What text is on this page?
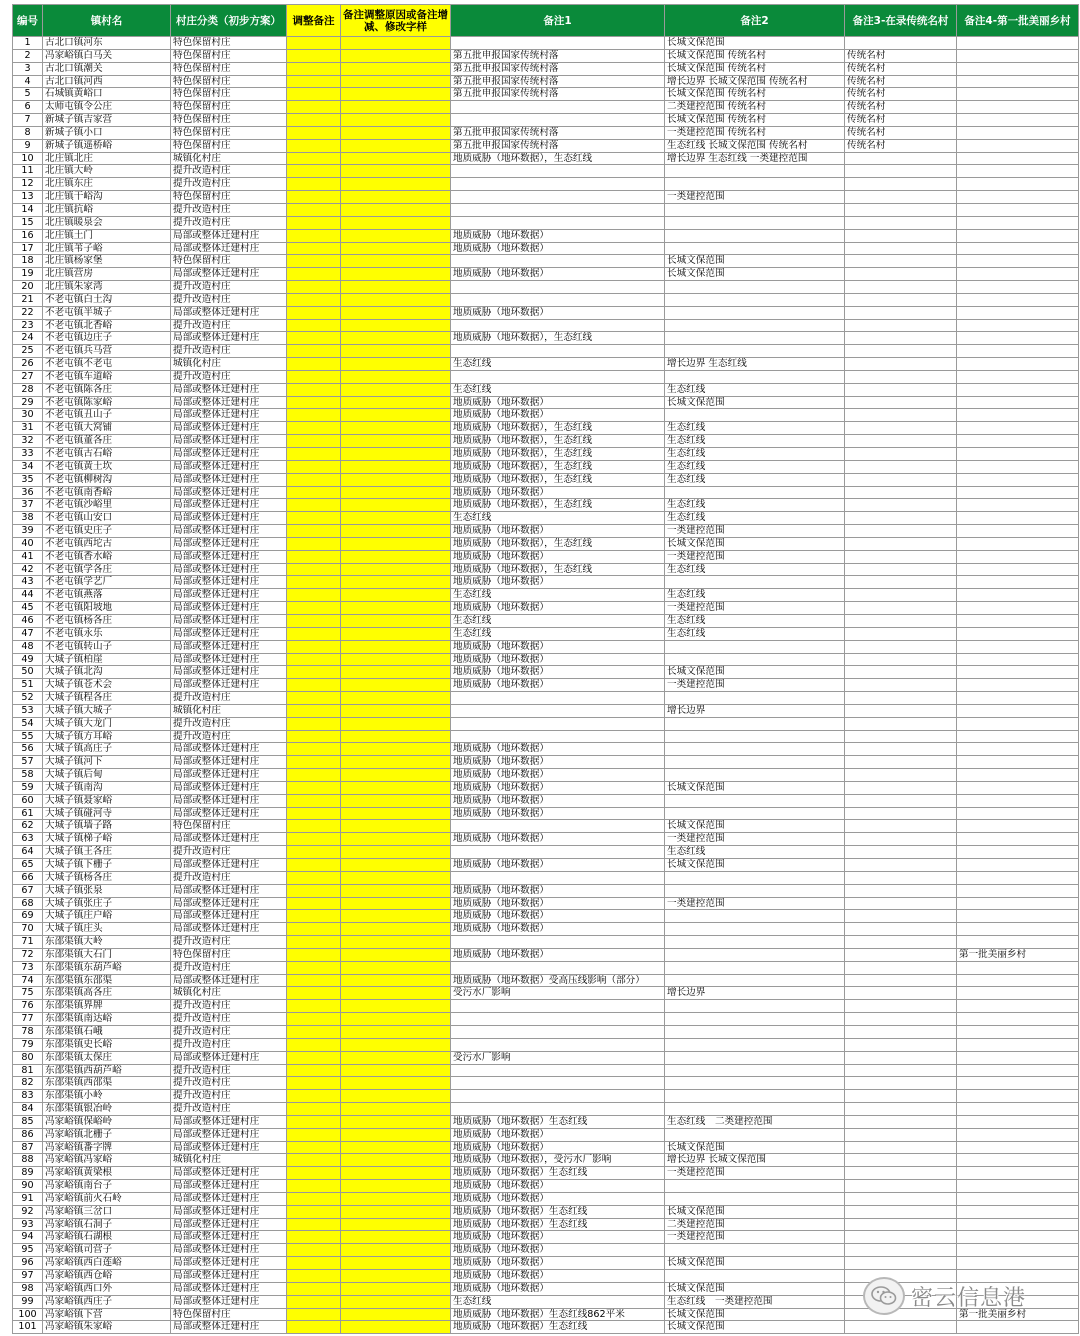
编号	镇村名	村庄分类（初步方案）	调整备注	备注调整原因或备注增减、修改字样	备注1	备注2	备注3-在录传统名村	备注4-第一批美丽乡村
1	古北口镇河东	特色保留村庄				长城文保范围		
2	冯家峪镇白马关	特色保留村庄			第五批申报国家传统村落	长城文保范围 传统名村	传统名村	
3	古北口镇潮关	特色保留村庄			第五批申报国家传统村落	长城文保范围 传统名村	传统名村	
4	古北口镇河西	特色保留村庄			第五批申报国家传统村落	增长边界 长城文保范围 传统名村	传统名村	
5	石城镇黄峪口	特色保留村庄			第五批申报国家传统村落	长城文保范围 传统名村	传统名村	
6	太师屯镇令公庄	特色保留村庄				二类建控范围 传统名村	传统名村	
7	新城子镇吉家营	特色保留村庄				长城文保范围 传统名村	传统名村	
8	新城子镇小口	特色保留村庄			第五批申报国家传统村落	一类建控范围 传统名村	传统名村	
9	新城子镇遥桥峪	特色保留村庄			第五批申报国家传统村落	生态红线 长城文保范围 传统名村	传统名村	
10	北庄镇北庄	城镇化村庄			地质威胁（地环数据），生态红线	增长边界 生态红线 一类建控范围		
11	北庄镇大岭	提升改造村庄						
12	北庄镇东庄	提升改造村庄						
13	北庄镇干峪沟	特色保留村庄				一类建控范围		
14	北庄镇抗峪	提升改造村庄						
15	北庄镇暖泉会	提升改造村庄						
16	北庄镇土门	局部或整体迁建村庄			地质威胁（地环数据）			
17	北庄镇苇子峪	局部或整体迁建村庄			地质威胁（地环数据）			
18	北庄镇杨家堡	特色保留村庄				长城文保范围		
19	北庄镇营房	局部或整体迁建村庄			地质威胁（地环数据）	长城文保范围		
20	北庄镇朱家湾	提升改造村庄						
21	不老屯镇白土沟	提升改造村庄						
22	不老屯镇半城子	局部或整体迁建村庄			地质威胁（地环数据）			
23	不老屯镇北香峪	提升改造村庄						
24	不老屯镇边庄子	局部或整体迁建村庄			地质威胁（地环数据），生态红线			
25	不老屯镇兵马营	提升改造村庄						
26	不老屯镇不老屯	城镇化村庄			生态红线	增长边界 生态红线		
27	不老屯镇车道峪	提升改造村庄						
28	不老屯镇陈各庄	局部或整体迁建村庄			生态红线	生态红线		
29	不老屯镇陈家峪	局部或整体迁建村庄			地质威胁（地环数据）	长城文保范围		
30	不老屯镇丑山子	局部或整体迁建村庄			地质威胁（地环数据）			
31	不老屯镇大窝铺	局部或整体迁建村庄			地质威胁（地环数据），生态红线	生态红线		
32	不老屯镇董各庄	局部或整体迁建村庄			地质威胁（地环数据），生态红线	生态红线		
33	不老屯镇古石峪	局部或整体迁建村庄			地质威胁（地环数据），生态红线	生态红线		
34	不老屯镇黄土坎	局部或整体迁建村庄			地质威胁（地环数据），生态红线	生态红线		
35	不老屯镇柳树沟	局部或整体迁建村庄			地质威胁（地环数据），生态红线	生态红线		
36	不老屯镇南香峪	局部或整体迁建村庄			地质威胁（地环数据）			
37	不老屯镇沙峪里	局部或整体迁建村庄			地质威胁（地环数据），生态红线	生态红线		
38	不老屯镇山安口	局部或整体迁建村庄			生态红线	生态红线		
39	不老屯镇史庄子	局部或整体迁建村庄			地质威胁（地环数据）	一类建控范围		
40	不老屯镇西坨古	局部或整体迁建村庄			地质威胁（地环数据），生态红线	长城文保范围		
41	不老屯镇香水峪	局部或整体迁建村庄			地质威胁（地环数据）	一类建控范围		
42	不老屯镇学各庄	局部或整体迁建村庄			地质威胁（地环数据），生态红线	生态红线		
43	不老屯镇学艺厂	局部或整体迁建村庄			地质威胁（地环数据）			
44	不老屯镇燕落	局部或整体迁建村庄			生态红线	生态红线		
45	不老屯镇阳坡地	局部或整体迁建村庄			地质威胁（地环数据）	一类建控范围		
46	不老屯镇杨各庄	局部或整体迁建村庄			生态红线	生态红线		
47	不老屯镇永乐	局部或整体迁建村庄			生态红线	生态红线		
48	不老屯镇转山子	局部或整体迁建村庄			地质威胁（地环数据）			
49	大城子镇柏崖	局部或整体迁建村庄			地质威胁（地环数据）			
50	大城子镇北沟	局部或整体迁建村庄			地质威胁（地环数据）	长城文保范围		
51	大城子镇苍术会	局部或整体迁建村庄			地质威胁（地环数据）	一类建控范围		
52	大城子镇程各庄	提升改造村庄						
53	大城子镇大城子	城镇化村庄				增长边界		
54	大城子镇大龙门	提升改造村庄						
55	大城子镇方耳峪	提升改造村庄						
56	大城子镇高庄子	局部或整体迁建村庄			地质威胁（地环数据）			
57	大城子镇河下	局部或整体迁建村庄			地质威胁（地环数据）			
58	大城子镇后甸	局部或整体迁建村庄			地质威胁（地环数据）			
59	大城子镇南沟	局部或整体迁建村庄			地质威胁（地环数据）	长城文保范围		
60	大城子镇聂家峪	局部或整体迁建村庄			地质威胁（地环数据）			
61	大城子镇碰河寺	局部或整体迁建村庄			地质威胁（地环数据）			
62	大城子镇墙子路	特色保留村庄				长城文保范围		
63	大城子镇梯子峪	局部或整体迁建村庄			地质威胁（地环数据）	一类建控范围		
64	大城子镇王各庄	提升改造村庄				生态红线		
65	大城子镇下栅子	局部或整体迁建村庄			地质威胁（地环数据）	长城文保范围		
66	大城子镇杨各庄	提升改造村庄						
67	大城子镇张泉	局部或整体迁建村庄			地质威胁（地环数据）			
68	大城子镇张庄子	局部或整体迁建村庄			地质威胁（地环数据）	一类建控范围		
69	大城子镇庄户峪	局部或整体迁建村庄			地质威胁（地环数据）			
70	大城子镇庄头	局部或整体迁建村庄			地质威胁（地环数据）			
71	东邵渠镇大岭	提升改造村庄						
72	东邵渠镇大石门	特色保留村庄			地质威胁（地环数据）			第一批美丽乡村
73	东邵渠镇东葫芦峪	提升改造村庄						
74	东邵渠镇东邵渠	局部或整体迁建村庄			地质威胁（地环数据）受高压线影响（部分）			
75	东邵渠镇高各庄	城镇化村庄			受污水厂影响	增长边界		
76	东邵渠镇界牌	提升改造村庄						
77	东邵渠镇南达峪	提升改造村庄						
78	东邵渠镇石峨	提升改造村庄						
79	东邵渠镇史长峪	提升改造村庄						
80	东邵渠镇太保庄	局部或整体迁建村庄			受污水厂影响			
81	东邵渠镇西葫芦峪	提升改造村庄						
82	东邵渠镇西邵渠	提升改造村庄						
83	东邵渠镇小岭	提升改造村庄						
84	东邵渠镇银冶岭	提升改造村庄						
85	冯家峪镇保峪岭	局部或整体迁建村庄			地质威胁（地环数据）生态红线	生态红线　二类建控范围		
86	冯家峪镇北栅子	局部或整体迁建村庄			地质威胁（地环数据）			
87	冯家峪镇番字牌	局部或整体迁建村庄			地质威胁（地环数据）	长城文保范围		
88	冯家峪镇冯家峪	城镇化村庄			地质威胁（地环数据），受污水厂影响	增长边界 长城文保范围		
89	冯家峪镇黄梁根	局部或整体迁建村庄			地质威胁（地环数据）生态红线	一类建控范围		
90	冯家峪镇南台子	局部或整体迁建村庄			地质威胁（地环数据）			
91	冯家峪镇前火石岭	局部或整体迁建村庄			地质威胁（地环数据）			
92	冯家峪镇三岔口	局部或整体迁建村庄			地质威胁（地环数据）生态红线	长城文保范围		
93	冯家峪镇石洞子	局部或整体迁建村庄			地质威胁（地环数据）生态红线	二类建控范围		
94	冯家峪镇石湖根	局部或整体迁建村庄			地质威胁（地环数据）	一类建控范围		
95	冯家峪镇司营子	局部或整体迁建村庄			地质威胁（地环数据）			
96	冯家峪镇西白莲峪	局部或整体迁建村庄			地质威胁（地环数据）	长城文保范围		
97	冯家峪镇西仓峪	局部或整体迁建村庄			地质威胁（地环数据）			
98	冯家峪镇西口外	局部或整体迁建村庄			地质威胁（地环数据）	长城文保范围		
99	冯家峪镇西庄子	局部或整体迁建村庄			生态红线	生态红线　一类建控范围		
100	冯家峪镇下营	特色保留村庄			地质威胁（地环数据）生态红线862平米	长城文保范围		第一批美丽乡村
101	冯家峪镇朱家峪	局部或整体迁建村庄			地质威胁（地环数据）生态红线	长城文保范围		
密云信息港
